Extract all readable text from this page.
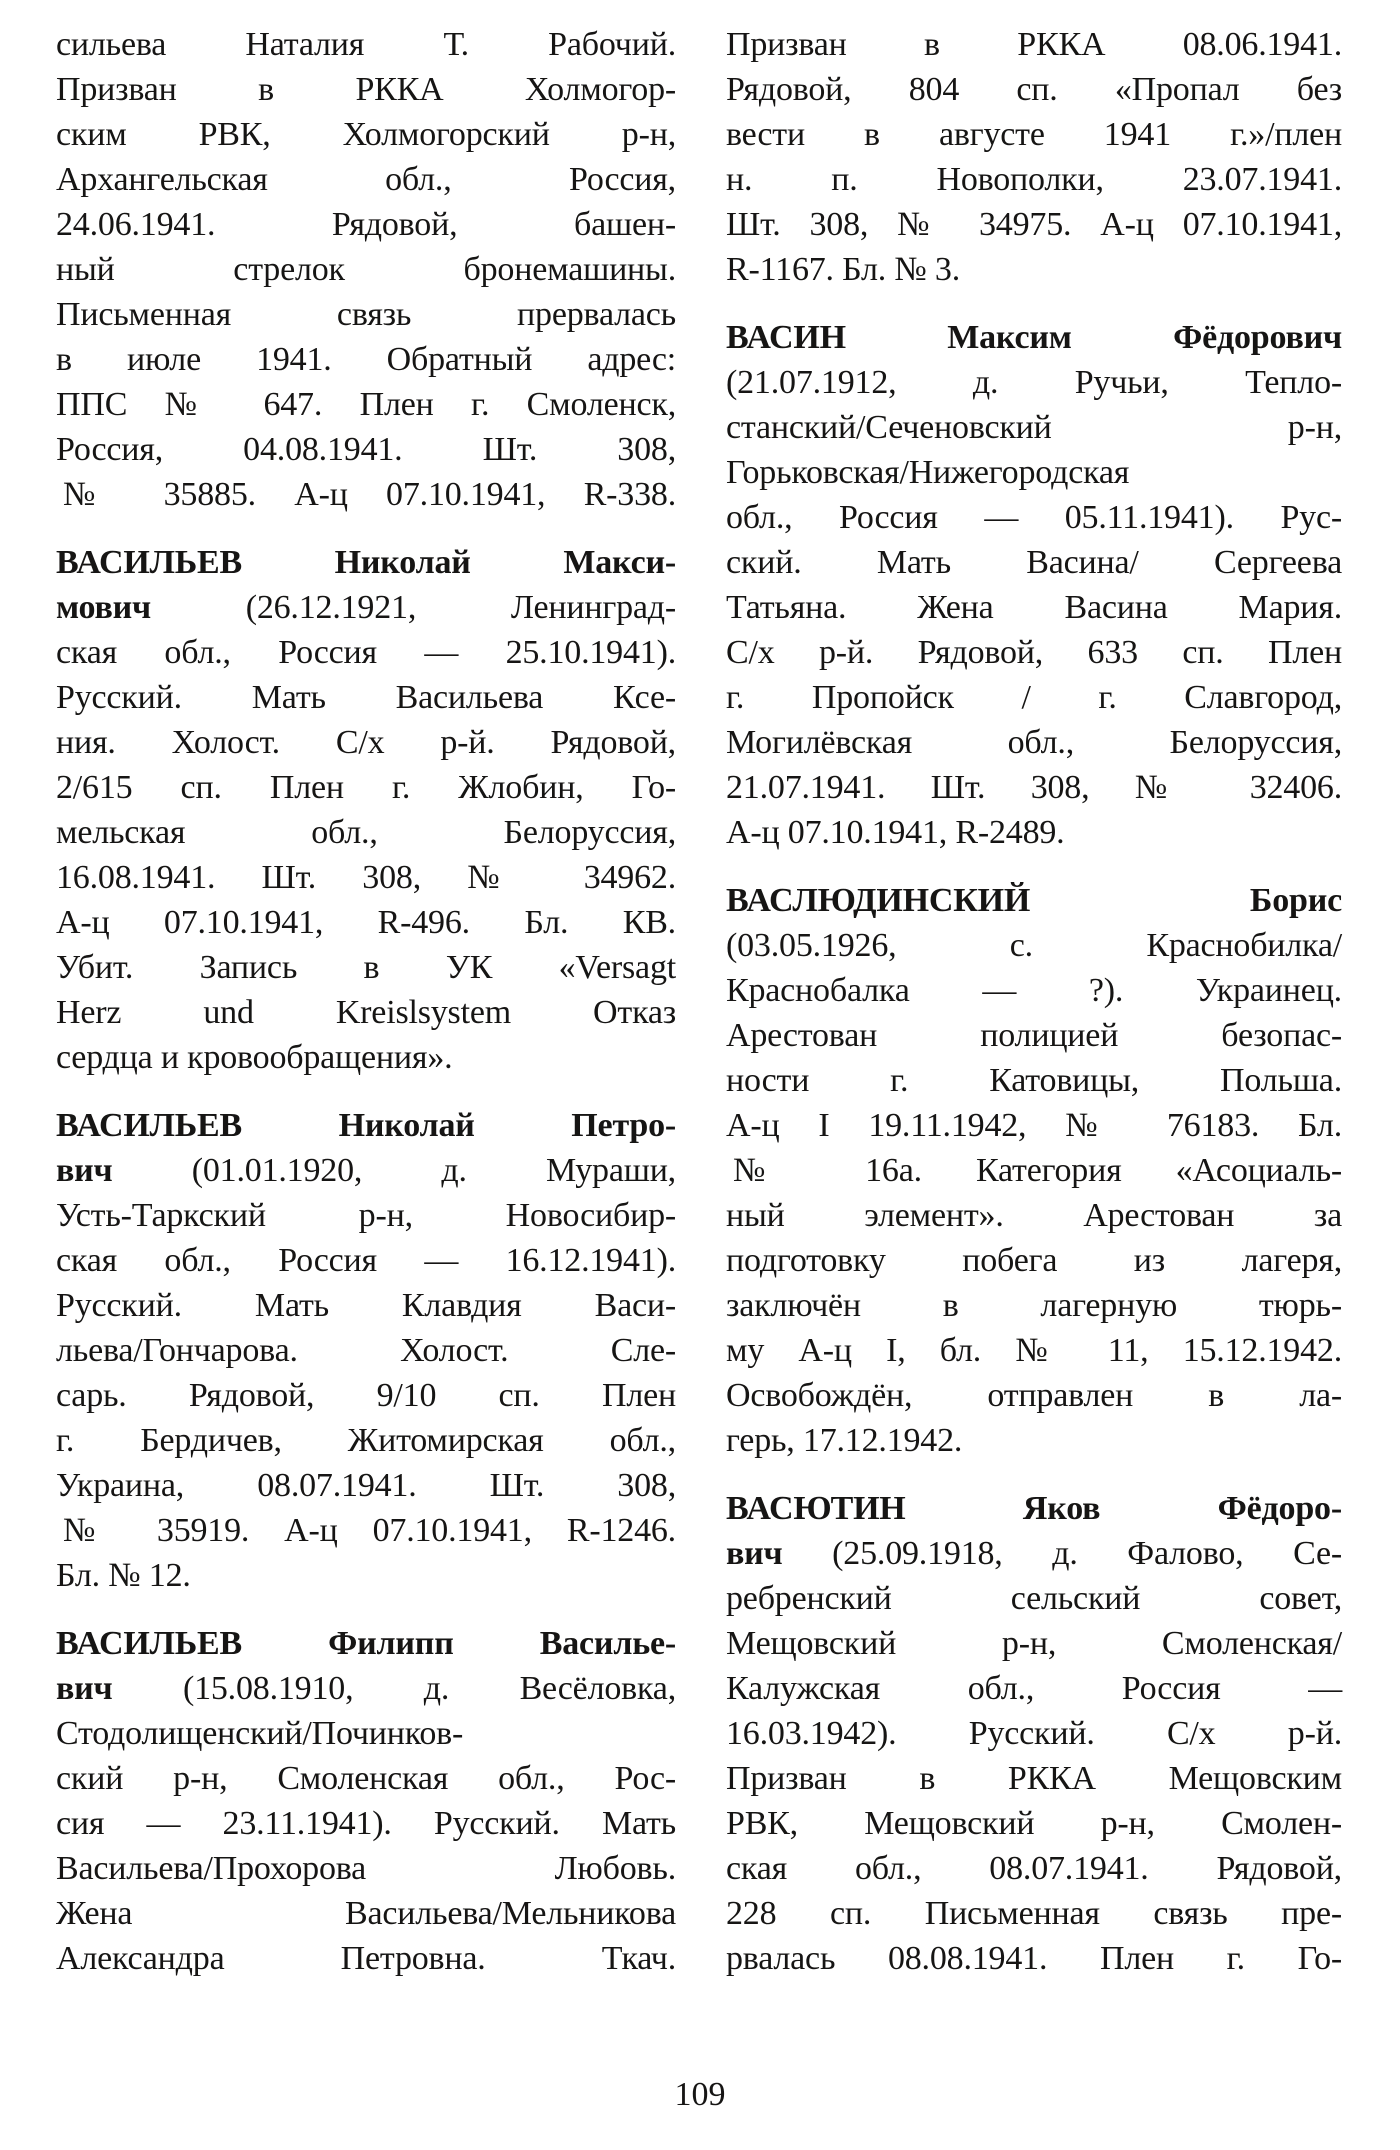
сильева Наталия Т. Рабочий.
Призван в РККА Холмогор-
ским РВК, Холмогорский р-н,
Архангельская обл., Россия,
24.06.1941. Рядовой, башен-
ный стрелок бронемашины.
Письменная связь прервалась
в июле 1941. Обратный адрес:
ППС № 647. Плен г. Смоленск,
Россия, 04.08.1941. Шт. 308,
№ 35885. А-ц 07.10.1941, R-338.
ВАСИЛЬЕВ Николай Макси-
мович (26.12.1921, Ленинград-
ская обл., Россия — 25.10.1941).
Русский. Мать Васильева Ксе-
ния. Холост. С/х р-й. Рядовой,
2/615 сп. Плен г. Жлобин, Го-
мельская обл., Белоруссия,
16.08.1941. Шт. 308, № 34962.
А-ц 07.10.1941, R-496. Бл. КВ.
Убит. Запись в УК «Versagt
Herz und Kreislsystem Отказ
сердца и кровообращения».
ВАСИЛЬЕВ Николай Петро-
вич (01.01.1920, д. Мураши,
Усть-Таркский р-н, Новосибир-
ская обл., Россия — 16.12.1941).
Русский. Мать Клавдия Васи-
льева/Гончарова. Холост. Сле-
сарь. Рядовой, 9/10 сп. Плен
г. Бердичев, Житомирская обл.,
Украина, 08.07.1941. Шт. 308,
№ 35919. А-ц 07.10.1941, R-1246.
Бл. № 12.
ВАСИЛЬЕВ Филипп Василье-
вич (15.08.1910, д. Весёловка,
Стодолищенский/Починков-
ский р-н, Смоленская обл., Рос-
сия — 23.11.1941). Русский. Мать
Васильева/Прохорова Любовь.
Жена Васильева/Мельникова
Александра Петровна. Ткач.
Призван в РККА 08.06.1941.
Рядовой, 804 сп. «Пропал без
вести в августе 1941 г.»/плен
н. п. Новополки, 23.07.1941.
Шт. 308, № 34975. А-ц 07.10.1941,
R-1167. Бл. № 3.
ВАСИН Максим Фёдорович
(21.07.1912, д. Ручьи, Тепло-
станский/Сеченовский р-н,
Горьковская/Нижегородская
обл., Россия — 05.11.1941). Рус-
ский. Мать Васина/ Сергеева
Татьяна. Жена Васина Мария.
С/х р-й. Рядовой, 633 сп. Плен
г. Пропойск / г. Славгород,
Могилёвская обл., Белоруссия,
21.07.1941. Шт. 308, № 32406.
А-ц 07.10.1941, R-2489.
ВАСЛЮДИНСКИЙ Борис
(03.05.1926, с. Краснобилка/
Краснобалка — ?). Украинец.
Арестован полицией безопас-
ности г. Катовицы, Польша.
А-ц I 19.11.1942, № 76183. Бл.
№ 16а. Категория «Асоциаль-
ный элемент». Арестован за
подготовку побега из лагеря,
заключён в лагерную тюрь-
му А-ц I, бл. № 11, 15.12.1942.
Освобождён, отправлен в ла-
герь, 17.12.1942.
ВАСЮТИН Яков Фёдоро-
вич (25.09.1918, д. Фалово, Се-
ребренский сельский совет,
Мещовский р-н, Смоленская/
Калужская обл., Россия —
16.03.1942). Русский. С/х р-й.
Призван в РККА Мещовским
РВК, Мещовский р-н, Смолен-
ская обл., 08.07.1941. Рядовой,
228 сп. Письменная связь пре-
рвалась 08.08.1941. Плен г. Го-
109
